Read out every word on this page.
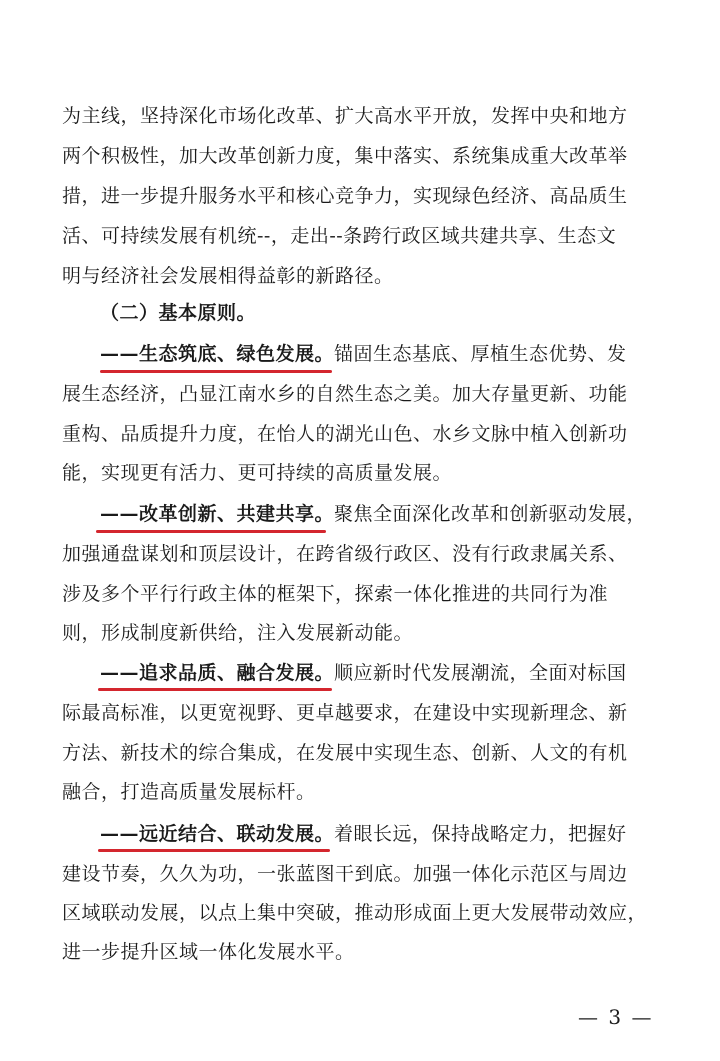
为主线，坚持深化市场化改革、扩大高水平开放，发挥中央和地方
两个积极性，加大改革创新力度，集中落实、系统集成重大改革举
措，进一步提升服务水平和核心竞争力，实现绿色经济、高品质生
活、可持续发展有机统--，走出--条跨行政区域共建共享、生态文
明与经济社会发展相得益彰的新路径。
（二）基本原则。
——生态筑底、绿色发展。锚固生态基底、厚植生态优势、发
展生态经济，凸显江南水乡的自然生态之美。加大存量更新、功能
重构、品质提升力度，在怡人的湖光山色、水乡文脉中植入创新功
能，实现更有活力、更可持续的高质量发展。
——改革创新、共建共享。聚焦全面深化改革和创新驱动发展，
加强通盘谋划和顶层设计，在跨省级行政区、没有行政隶属关系、
涉及多个平行行政主体的框架下，探索一体化推进的共同行为准
则，形成制度新供给，注入发展新动能。
——追求品质、融合发展。顺应新时代发展潮流，全面对标国
际最高标准，以更宽视野、更卓越要求，在建设中实现新理念、新
方法、新技术的综合集成，在发展中实现生态、创新、人文的有机
融合，打造高质量发展标杆。
——远近结合、联动发展。着眼长远，保持战略定力，把握好
建设节奏，久久为功，一张蓝图干到底。加强一体化示范区与周边
区域联动发展，以点上集中突破，推动形成面上更大发展带动效应，
进一步提升区域一体化发展水平。
— 3 —
